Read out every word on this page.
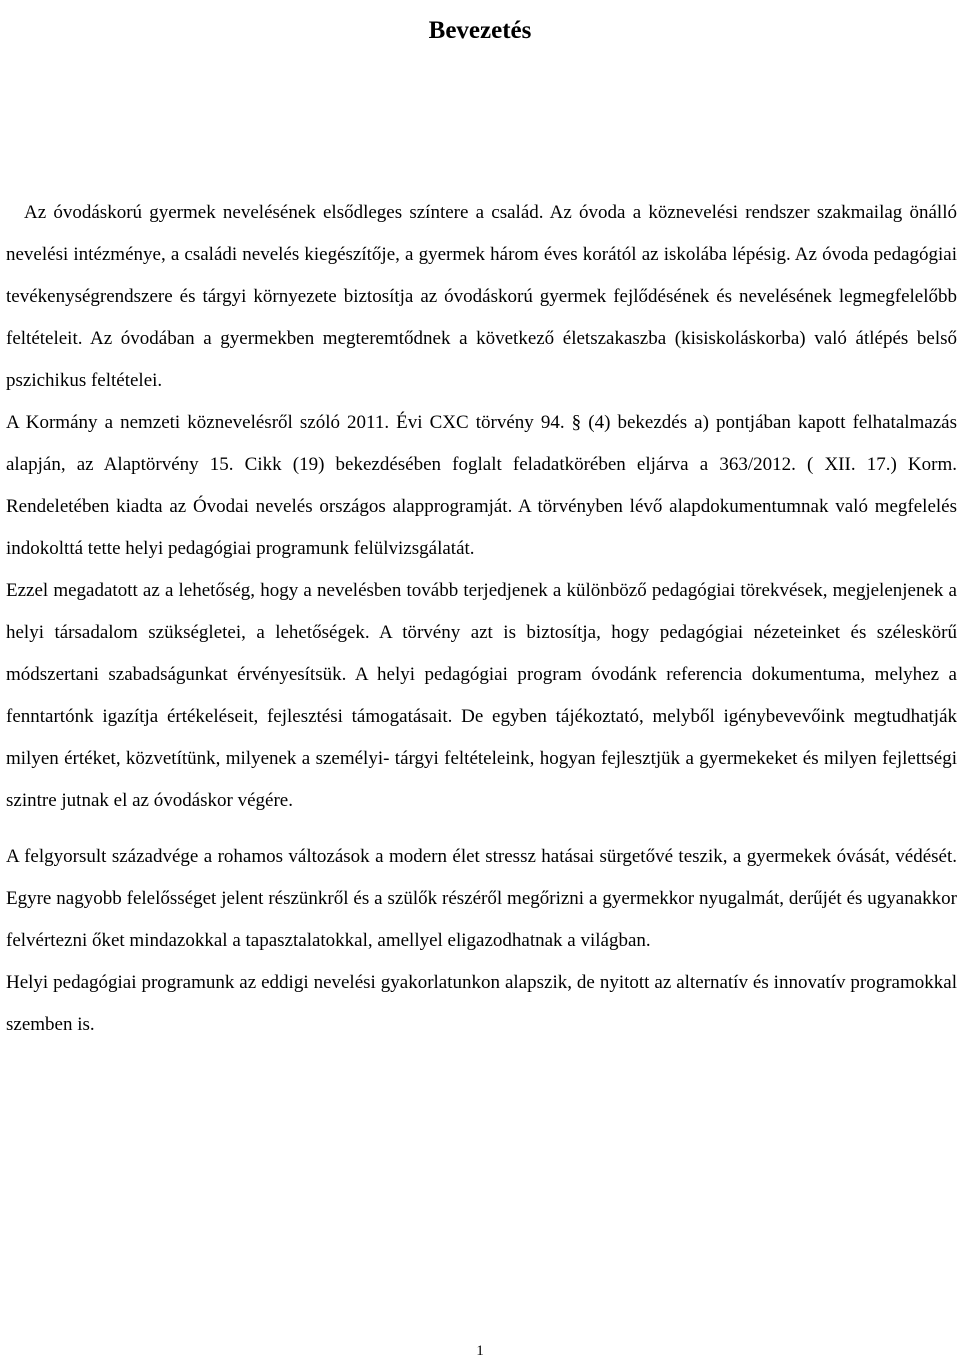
Bevezetés

Az óvodáskorú gyermek nevelésének elsődleges színtere a család. Az óvoda a köznevelési rendszer szakmailag önálló nevelési intézménye, a családi nevelés kiegészítője, a gyermek három éves korától az iskolába lépésig. Az óvoda pedagógiai tevékenységrendszere és tárgyi környezete biztosítja az óvodáskorú gyermek fejlődésének és nevelésének legmegfelelőbb feltételeit. Az óvodában a gyermekben megteremtődnek a következő életszakaszba (kisiskoláskorba) való átlépés belső pszichikus feltételei.

A Kormány a nemzeti köznevelésről szóló 2011. Évi CXC törvény 94. § (4) bekezdés a) pontjában kapott felhatalmazás alapján, az Alaptörvény 15. Cikk (19) bekezdésében foglalt feladatkörében eljárva a 363/2012. ( XII. 17.) Korm. Rendeletében kiadta az Óvodai nevelés országos alapprogramját. A törvényben lévő alapdokumentumnak való megfelelés indokolttá tette helyi pedagógiai programunk felülvizsgálatát.

Ezzel megadatott az a lehetőség, hogy a nevelésben tovább terjedjenek a különböző pedagógiai törekvések, megjelenjenek a helyi társadalom szükségletei, a lehetőségek. A törvény azt is biztosítja, hogy pedagógiai nézeteinket és széleskörű módszertani szabadságunkat érvényesítsük. A helyi pedagógiai program óvodánk referencia dokumentuma, melyhez a fenntartónk igazítja értékeléseit, fejlesztési támogatásait. De egyben tájékoztató, melyből igénybevevőink megtudhatják milyen értéket, közvetítünk, milyenek a személyi- tárgyi feltételeink, hogyan fejlesztjük a gyermekeket és milyen fejlettségi szintre jutnak el az óvodáskor végére.

A felgyorsult századvége a rohamos változások a modern élet stressz hatásai sürgetővé teszik, a gyermekek óvását, védését. Egyre nagyobb felelősséget jelent részünkről és a szülők részéről megőrizni a gyermekkor nyugalmát, derűjét és ugyanakkor felvértezni őket mindazokkal a tapasztalatokkal, amellyel eligazodhatnak a világban.

Helyi pedagógiai programunk az eddigi nevelési gyakorlatunkon alapszik, de nyitott az alternatív és innovatív programokkal szemben is.

1
